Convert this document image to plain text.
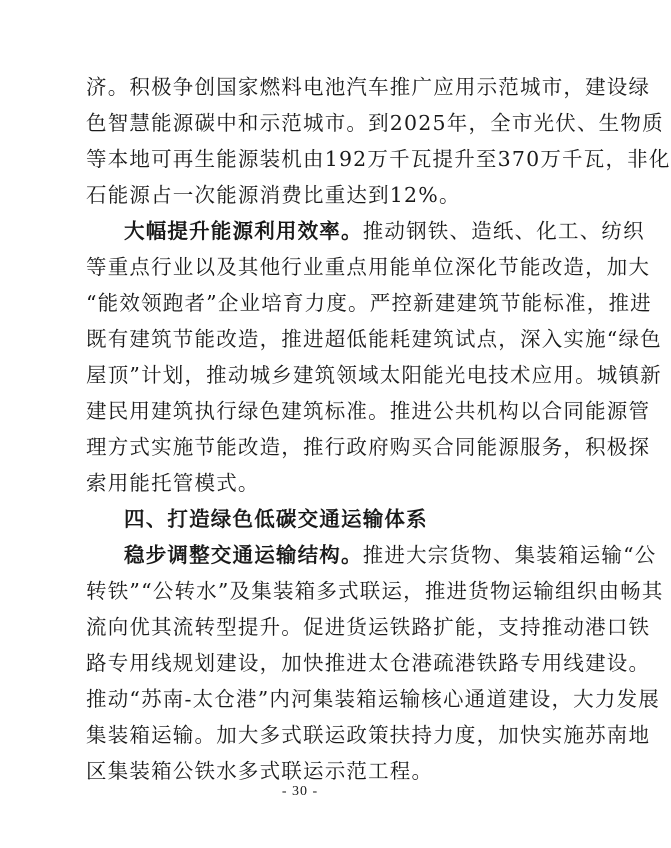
济。积极争创国家燃料电池汽车推广应用示范城市，建设绿
色智慧能源碳中和示范城市。到2025年，全市光伏、生物质
等本地可再生能源装机由192万千瓦提升至370万千瓦，非化
石能源占一次能源消费比重达到12%。
大幅提升能源利用效率。推动钢铁、造纸、化工、纺织
等重点行业以及其他行业重点用能单位深化节能改造，加大
“能效领跑者”企业培育力度。严控新建建筑节能标准，推进
既有建筑节能改造，推进超低能耗建筑试点，深入实施“绿色
屋顶”计划，推动城乡建筑领域太阳能光电技术应用。城镇新
建民用建筑执行绿色建筑标准。推进公共机构以合同能源管
理方式实施节能改造，推行政府购买合同能源服务，积极探
索用能托管模式。
四、打造绿色低碳交通运输体系
稳步调整交通运输结构。推进大宗货物、集装箱运输“公
转铁”“公转水”及集装箱多式联运，推进货物运输组织由畅其
流向优其流转型提升。促进货运铁路扩能，支持推动港口铁
路专用线规划建设，加快推进太仓港疏港铁路专用线建设。
推动“苏南-太仓港”内河集装箱运输核心通道建设，大力发展
集装箱运输。加大多式联运政策扶持力度，加快实施苏南地
区集装箱公铁水多式联运示范工程。
- 30 -
